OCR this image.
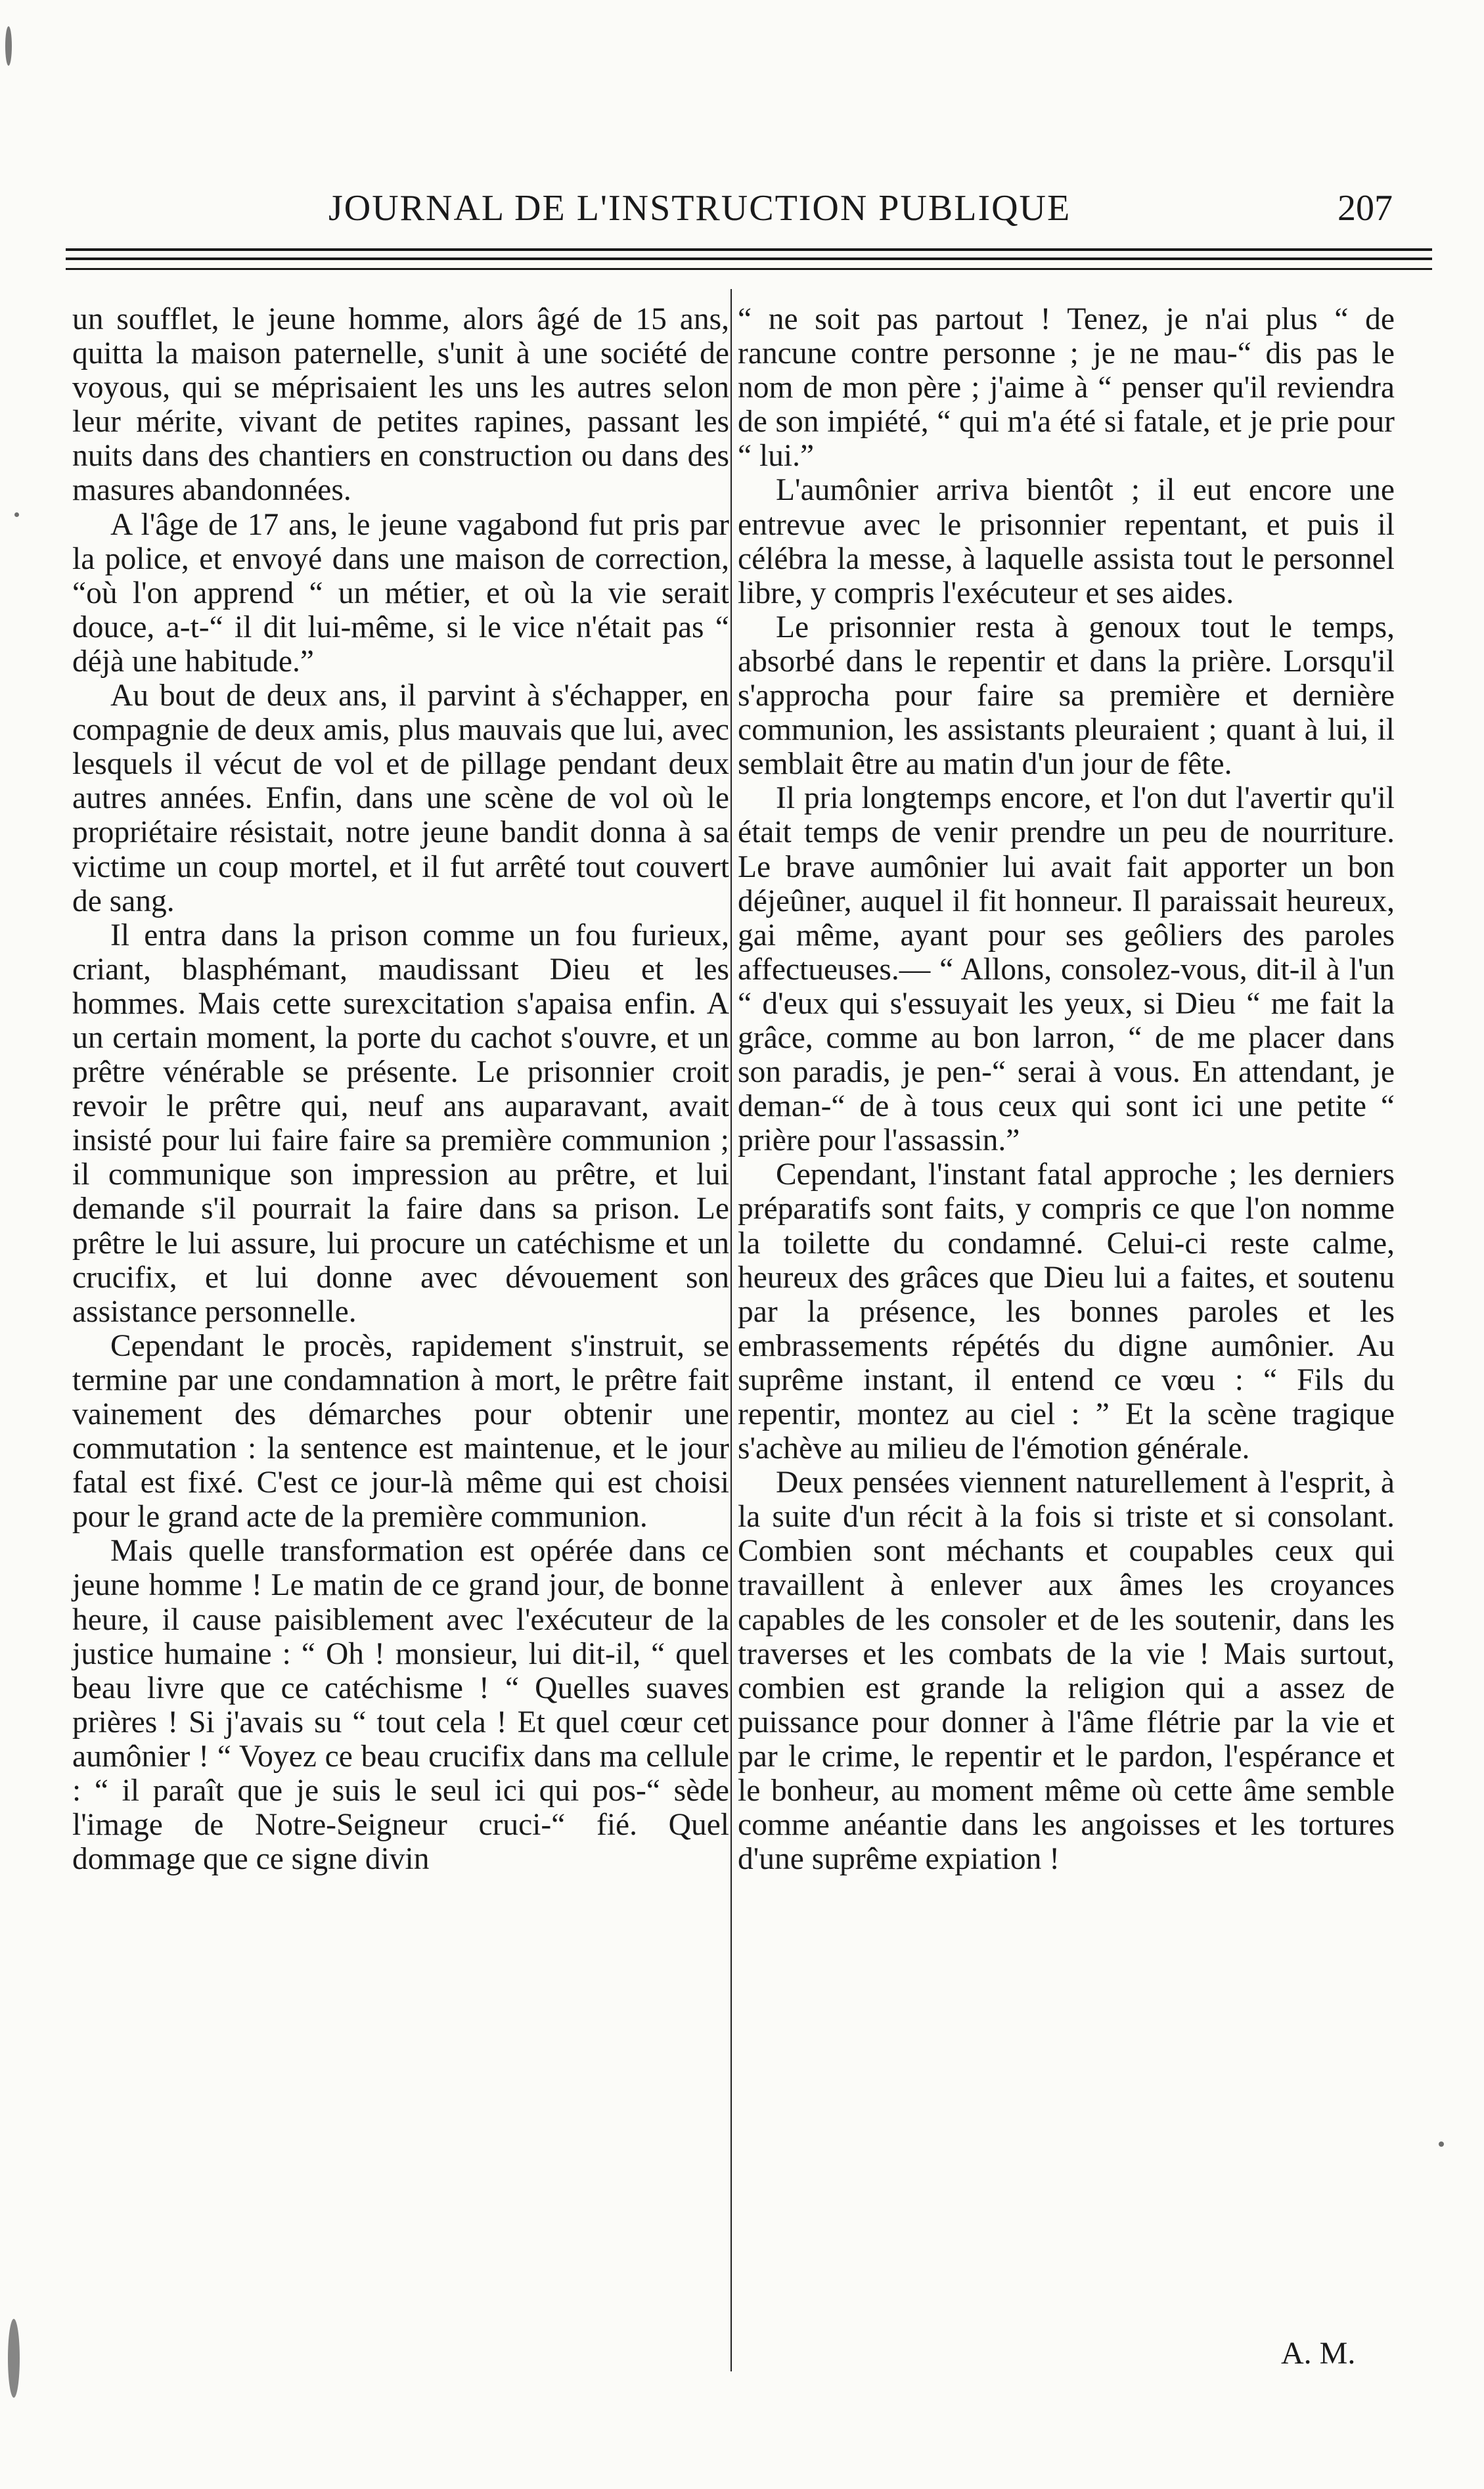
JOURNAL DE L'INSTRUCTION PUBLIQUE	207

un soufflet, le jeune homme, alors âgé de 15 ans, quitta la maison paternelle, s'unit à une société de voyous, qui se méprisaient les uns les autres selon leur mérite, vivant de petites rapines, passant les nuits dans des chantiers en construction ou dans des masures abandonnées.

A l'âge de 17 ans, le jeune vagabond fut pris par la police, et envoyé dans une maison de correction, “où l'on apprend “ un métier, et où la vie serait douce, a-t-“ il dit lui-même, si le vice n'était pas “ déjà une habitude.”

Au bout de deux ans, il parvint à s'échapper, en compagnie de deux amis, plus mauvais que lui, avec lesquels il vécut de vol et de pillage pendant deux autres années. Enfin, dans une scène de vol où le propriétaire résistait, notre jeune bandit donna à sa victime un coup mortel, et il fut arrêté tout couvert de sang.

Il entra dans la prison comme un fou furieux, criant, blasphémant, maudissant Dieu et les hommes. Mais cette surexcitation s'apaisa enfin. A un certain moment, la porte du cachot s'ouvre, et un prêtre vénérable se présente. Le prisonnier croit revoir le prêtre qui, neuf ans auparavant, avait insisté pour lui faire faire sa première communion ; il communique son impression au prêtre, et lui demande s'il pourrait la faire dans sa prison. Le prêtre le lui assure, lui procure un catéchisme et un crucifix, et lui donne avec dévouement son assistance personnelle.

Cependant le procès, rapidement s'instruit, se termine par une condamnation à mort, le prêtre fait vainement des démarches pour obtenir une commutation : la sentence est maintenue, et le jour fatal est fixé. C'est ce jour-là même qui est choisi pour le grand acte de la première communion.

Mais quelle transformation est opérée dans ce jeune homme ! Le matin de ce grand jour, de bonne heure, il cause paisiblement avec l'exécuteur de la justice humaine : “ Oh ! monsieur, lui dit-il, “ quel beau livre que ce catéchisme ! “ Quelles suaves prières ! Si j'avais su “ tout cela ! Et quel cœur cet aumônier ! “ Voyez ce beau crucifix dans ma cellule : “ il paraît que je suis le seul ici qui pos-“ sède l'image de Notre-Seigneur cruci-“ fié. Quel dommage que ce signe divin

“ ne soit pas partout ! Tenez, je n'ai plus “ de rancune contre personne ; je ne mau-“ dis pas le nom de mon père ; j'aime à “ penser qu'il reviendra de son impiété, “ qui m'a été si fatale, et je prie pour “ lui.”

L'aumônier arriva bientôt ; il eut encore une entrevue avec le prisonnier repentant, et puis il célébra la messe, à laquelle assista tout le personnel libre, y compris l'exécuteur et ses aides.

Le prisonnier resta à genoux tout le temps, absorbé dans le repentir et dans la prière. Lorsqu'il s'approcha pour faire sa première et dernière communion, les assistants pleuraient ; quant à lui, il semblait être au matin d'un jour de fête.

Il pria longtemps encore, et l'on dut l'avertir qu'il était temps de venir prendre un peu de nourriture. Le brave aumônier lui avait fait apporter un bon déjeûner, auquel il fit honneur. Il paraissait heureux, gai même, ayant pour ses geôliers des paroles affectueuses.— “ Allons, consolez-vous, dit-il à l'un “ d'eux qui s'essuyait les yeux, si Dieu “ me fait la grâce, comme au bon larron, “ de me placer dans son paradis, je pen-“ serai à vous. En attendant, je deman-“ de à tous ceux qui sont ici une petite “ prière pour l'assassin.”

Cependant, l'instant fatal approche ; les derniers préparatifs sont faits, y compris ce que l'on nomme la toilette du condamné. Celui-ci reste calme, heureux des grâces que Dieu lui a faites, et soutenu par la présence, les bonnes paroles et les embrassements répétés du digne aumônier. Au suprême instant, il entend ce vœu : “ Fils du repentir, montez au ciel : ” Et la scène tragique s'achève au milieu de l'émotion générale.

Deux pensées viennent naturellement à l'esprit, à la suite d'un récit à la fois si triste et si consolant. Combien sont méchants et coupables ceux qui travaillent à enlever aux âmes les croyances capables de les consoler et de les soutenir, dans les traverses et les combats de la vie ! Mais surtout, combien est grande la religion qui a assez de puissance pour donner à l'âme flétrie par la vie et par le crime, le repentir et le pardon, l'espérance et le bonheur, au moment même où cette âme semble comme anéantie dans les angoisses et les tortures d'une suprême expiation !

A. M.
